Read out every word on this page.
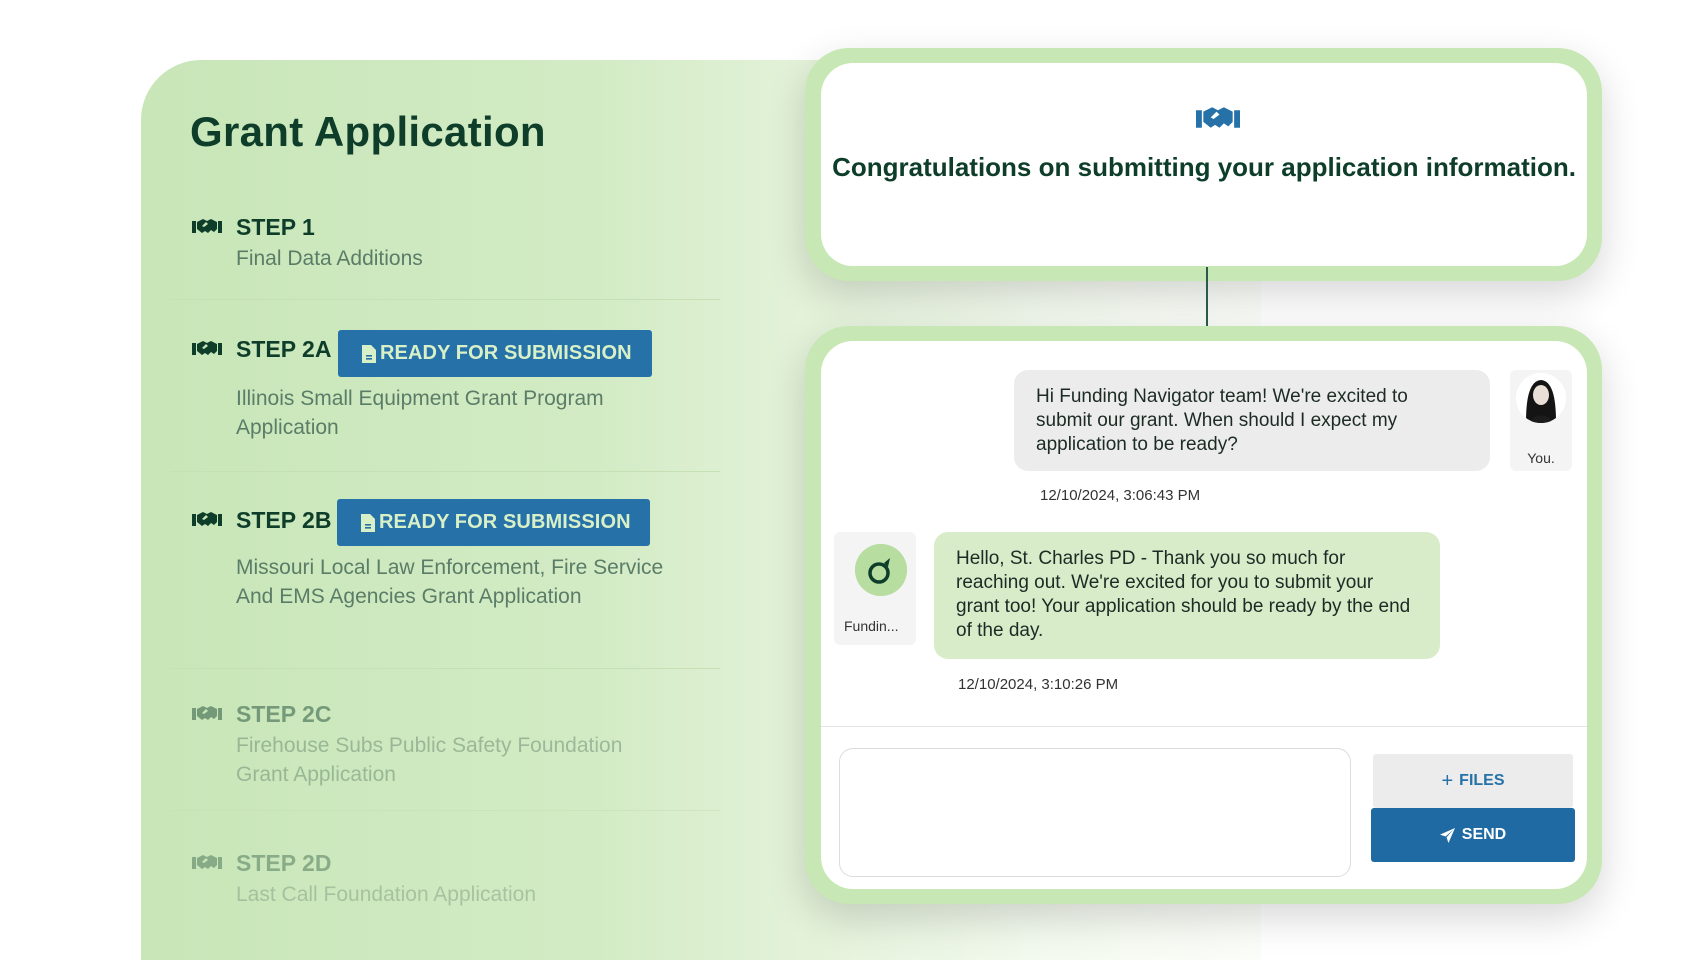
Grant Application
STEP 1
Final Data Additions
STEP 2A
Illinois Small Equipment Grant Program Application
READY FOR SUBMISSION
STEP 2B
Missouri Local Law Enforcement, Fire Service And EMS Agencies Grant Application
READY FOR SUBMISSION
STEP 2C
Firehouse Subs Public Safety Foundation Grant Application
STEP 2D
Last Call Foundation Application
Congratulations on submitting your application information.
Hi Funding Navigator team! We're excited to submit our grant. When should I expect my application to be ready?
You.
12/10/2024, 3:06:43 PM
Fundin...
Hello, St. Charles PD - Thank you so much for reaching out. We're excited for you to submit your grant too! Your application should be ready by the end of the day.
12/10/2024, 3:10:26 PM
+ FILES
SEND
